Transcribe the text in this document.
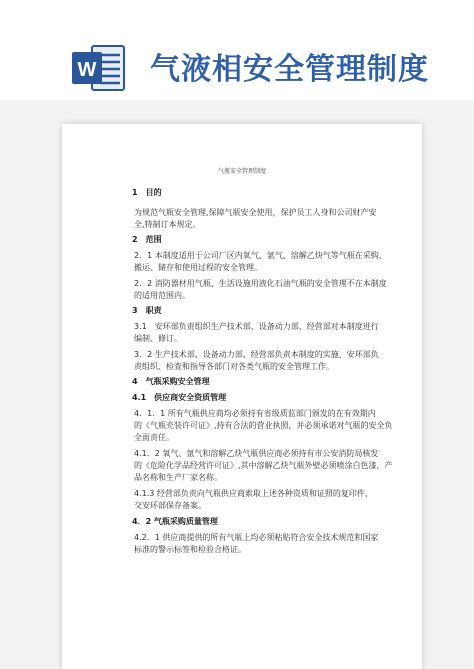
W 气液相安全管理制度
气瓶安全管理制度
1　目的
为规范气瓶安全管理,保障气瓶安全使用，保护员工人身和公司财产安
全,特制订本规定。
2　范围
2．1 本制度适用于公司厂区内氧气、氩气、溶解乙炔气等气瓶在采购、
搬运、储存和使用过程的安全管理。
2．2 消防器材用气瓶、生活设施用液化石油气瓶的安全管理不在本制度
的适用范围内。
3　职责
3.1　安环部负责组织生产技术部、设备动力部、经营部对本制度进行
编制、修订。
3．2 生产技术部、设备动力部、经营部负责本制度的实施，安环部负
责组织、检查和指导各部门对各类气瓶的安全管理工作。
4　气瓶采购安全管理
4.1　供应商安全资质管理
4．1．1 所有气瓶供应商均必须持有省级质监部门颁发的在有效期内
的《气瓶充装许可证》,持有合法的营业执照，并必须承诺对气瓶的安全负
全面责任。
4.1．2 氧气、氩气和溶解乙炔气瓶供应商必须持有市公安消防局核发
的《危险化学品经营许可证》,其中溶解乙炔气瓶外壁必须喷涂白色漆，产
品名称和生产厂家名称。
4.1.3 经营部负责向气瓶供应商索取上述各种资质和证照的复印件，
交安环部保存备案。
4．2 气瓶采购质量管理
4.2．1 供应商提供的所有气瓶上均必须粘贴符合安全技术规范和国家
标准的警示标签和检验合格证。
